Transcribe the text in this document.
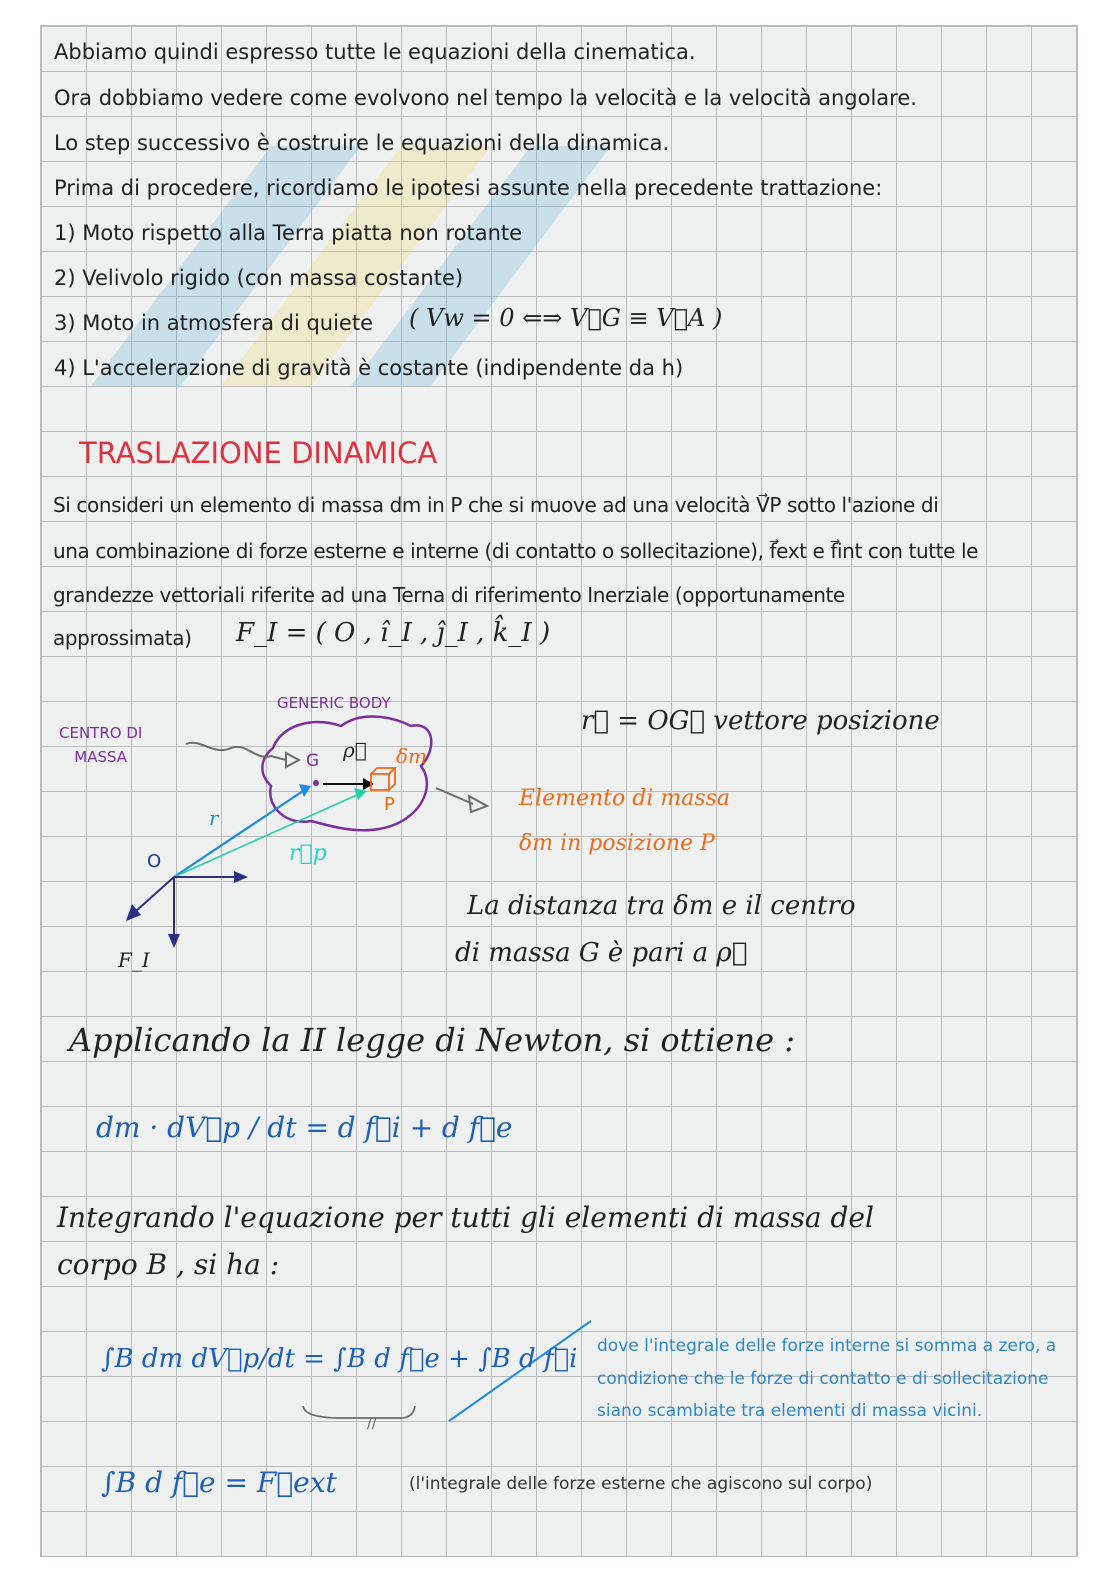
Abbiamo quindi espresso tutte le equazioni della cinematica.
Ora dobbiamo vedere come evolvono nel tempo la velocità e la velocità angolare.
Lo step successivo è costruire le equazioni della dinamica.
Prima di procedere, ricordiamo le ipotesi assunte nella precedente trattazione:
1) Moto rispetto alla Terra piatta non rotante
2) Velivolo rigido (con massa costante)
3) Moto in atmosfera di quiete ( Vw = 0 ⇐⇒ V⃗G ≡ V⃗A )
4) L'accelerazione di gravità è costante (indipendente da h)
TRASLAZIONE DINAMICA
Si consideri un elemento di massa dm in P che si muove ad una velocità V⃗P sotto l'azione di
una combinazione di forze esterne e interne (di contatto o sollecitazione), f⃗ext e f⃗int con tutte le
grandezze vettoriali riferite ad una Terna di riferimento Inerziale (opportunamente
approssimata) F_I = ( O , î_I , ĵ_I , k̂_I )
CENTRO DI
MASSA
GENERIC BODY
G ρ⃗ δm
P
r
r⃗p
O
F_I
r⃗ = OG⃗ vettore posizione
Elemento di massa
δm in posizione P
La distanza tra δm e il centro
di massa G è pari a ρ⃗
Applicando la II legge di Newton, si ottiene :
dm · dV⃗p / dt = d f⃗i + d f⃗e
Integrando l'equazione per tutti gli elementi di massa del
corpo B , si ha :
∫B dm dV⃗p/dt = ∫B d f⃗e + ∫B d f⃗i
//
dove l'integrale delle forze interne si somma a zero, a
condizione che le forze di contatto e di sollecitazione
siano scambiate tra elementi di massa vicini.
∫B d f⃗e = F⃗ext	(l'integrale delle forze esterne che agiscono sul corpo)
